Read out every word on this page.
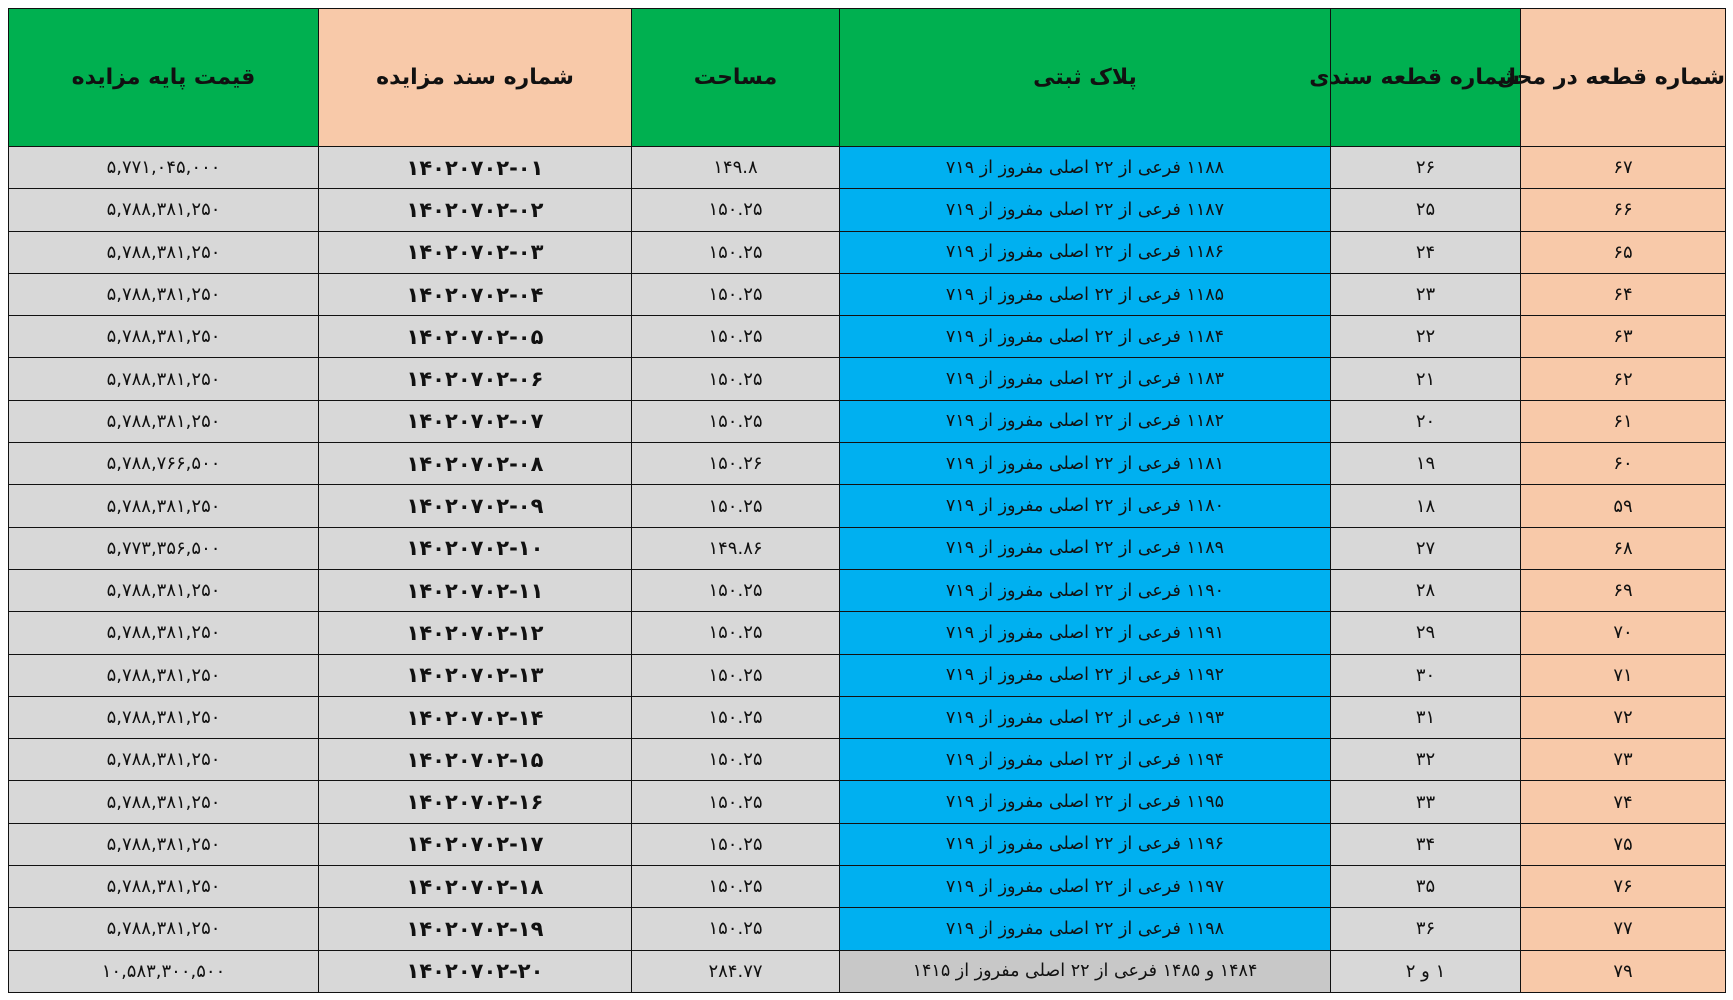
شماره قطعه در محل	شماره قطعه سندی	پلاک ثبتی	مساحت	شماره سند مزایده	قیمت پایه مزایده
۶۷	۲۶	۱۱۸۸ فرعی از ۲۲ اصلی مفروز از ۷۱۹	۱۴۹.۸	۱۴۰۲۰۷۰۲-۰۱	۵,۷۷۱,۰۴۵,۰۰۰
۶۶	۲۵	۱۱۸۷ فرعی از ۲۲ اصلی مفروز از ۷۱۹	۱۵۰.۲۵	۱۴۰۲۰۷۰۲-۰۲	۵,۷۸۸,۳۸۱,۲۵۰
۶۵	۲۴	۱۱۸۶ فرعی از ۲۲ اصلی مفروز از ۷۱۹	۱۵۰.۲۵	۱۴۰۲۰۷۰۲-۰۳	۵,۷۸۸,۳۸۱,۲۵۰
۶۴	۲۳	۱۱۸۵ فرعی از ۲۲ اصلی مفروز از ۷۱۹	۱۵۰.۲۵	۱۴۰۲۰۷۰۲-۰۴	۵,۷۸۸,۳۸۱,۲۵۰
۶۳	۲۲	۱۱۸۴ فرعی از ۲۲ اصلی مفروز از ۷۱۹	۱۵۰.۲۵	۱۴۰۲۰۷۰۲-۰۵	۵,۷۸۸,۳۸۱,۲۵۰
۶۲	۲۱	۱۱۸۳ فرعی از ۲۲ اصلی مفروز از ۷۱۹	۱۵۰.۲۵	۱۴۰۲۰۷۰۲-۰۶	۵,۷۸۸,۳۸۱,۲۵۰
۶۱	۲۰	۱۱۸۲ فرعی از ۲۲ اصلی مفروز از ۷۱۹	۱۵۰.۲۵	۱۴۰۲۰۷۰۲-۰۷	۵,۷۸۸,۳۸۱,۲۵۰
۶۰	۱۹	۱۱۸۱ فرعی از ۲۲ اصلی مفروز از ۷۱۹	۱۵۰.۲۶	۱۴۰۲۰۷۰۲-۰۸	۵,۷۸۸,۷۶۶,۵۰۰
۵۹	۱۸	۱۱۸۰ فرعی از ۲۲ اصلی مفروز از ۷۱۹	۱۵۰.۲۵	۱۴۰۲۰۷۰۲-۰۹	۵,۷۸۸,۳۸۱,۲۵۰
۶۸	۲۷	۱۱۸۹ فرعی از ۲۲ اصلی مفروز از ۷۱۹	۱۴۹.۸۶	۱۴۰۲۰۷۰۲-۱۰	۵,۷۷۳,۳۵۶,۵۰۰
۶۹	۲۸	۱۱۹۰ فرعی از ۲۲ اصلی مفروز از ۷۱۹	۱۵۰.۲۵	۱۴۰۲۰۷۰۲-۱۱	۵,۷۸۸,۳۸۱,۲۵۰
۷۰	۲۹	۱۱۹۱ فرعی از ۲۲ اصلی مفروز از ۷۱۹	۱۵۰.۲۵	۱۴۰۲۰۷۰۲-۱۲	۵,۷۸۸,۳۸۱,۲۵۰
۷۱	۳۰	۱۱۹۲ فرعی از ۲۲ اصلی مفروز از ۷۱۹	۱۵۰.۲۵	۱۴۰۲۰۷۰۲-۱۳	۵,۷۸۸,۳۸۱,۲۵۰
۷۲	۳۱	۱۱۹۳ فرعی از ۲۲ اصلی مفروز از ۷۱۹	۱۵۰.۲۵	۱۴۰۲۰۷۰۲-۱۴	۵,۷۸۸,۳۸۱,۲۵۰
۷۳	۳۲	۱۱۹۴ فرعی از ۲۲ اصلی مفروز از ۷۱۹	۱۵۰.۲۵	۱۴۰۲۰۷۰۲-۱۵	۵,۷۸۸,۳۸۱,۲۵۰
۷۴	۳۳	۱۱۹۵ فرعی از ۲۲ اصلی مفروز از ۷۱۹	۱۵۰.۲۵	۱۴۰۲۰۷۰۲-۱۶	۵,۷۸۸,۳۸۱,۲۵۰
۷۵	۳۴	۱۱۹۶ فرعی از ۲۲ اصلی مفروز از ۷۱۹	۱۵۰.۲۵	۱۴۰۲۰۷۰۲-۱۷	۵,۷۸۸,۳۸۱,۲۵۰
۷۶	۳۵	۱۱۹۷ فرعی از ۲۲ اصلی مفروز از ۷۱۹	۱۵۰.۲۵	۱۴۰۲۰۷۰۲-۱۸	۵,۷۸۸,۳۸۱,۲۵۰
۷۷	۳۶	۱۱۹۸ فرعی از ۲۲ اصلی مفروز از ۷۱۹	۱۵۰.۲۵	۱۴۰۲۰۷۰۲-۱۹	۵,۷۸۸,۳۸۱,۲۵۰
۷۹	۱ و ۲	۱۴۸۴ و ۱۴۸۵ فرعی از ۲۲ اصلی مفروز از ۱۴۱۵	۲۸۴.۷۷	۱۴۰۲۰۷۰۲-۲۰	۱۰,۵۸۳,۳۰۰,۵۰۰
